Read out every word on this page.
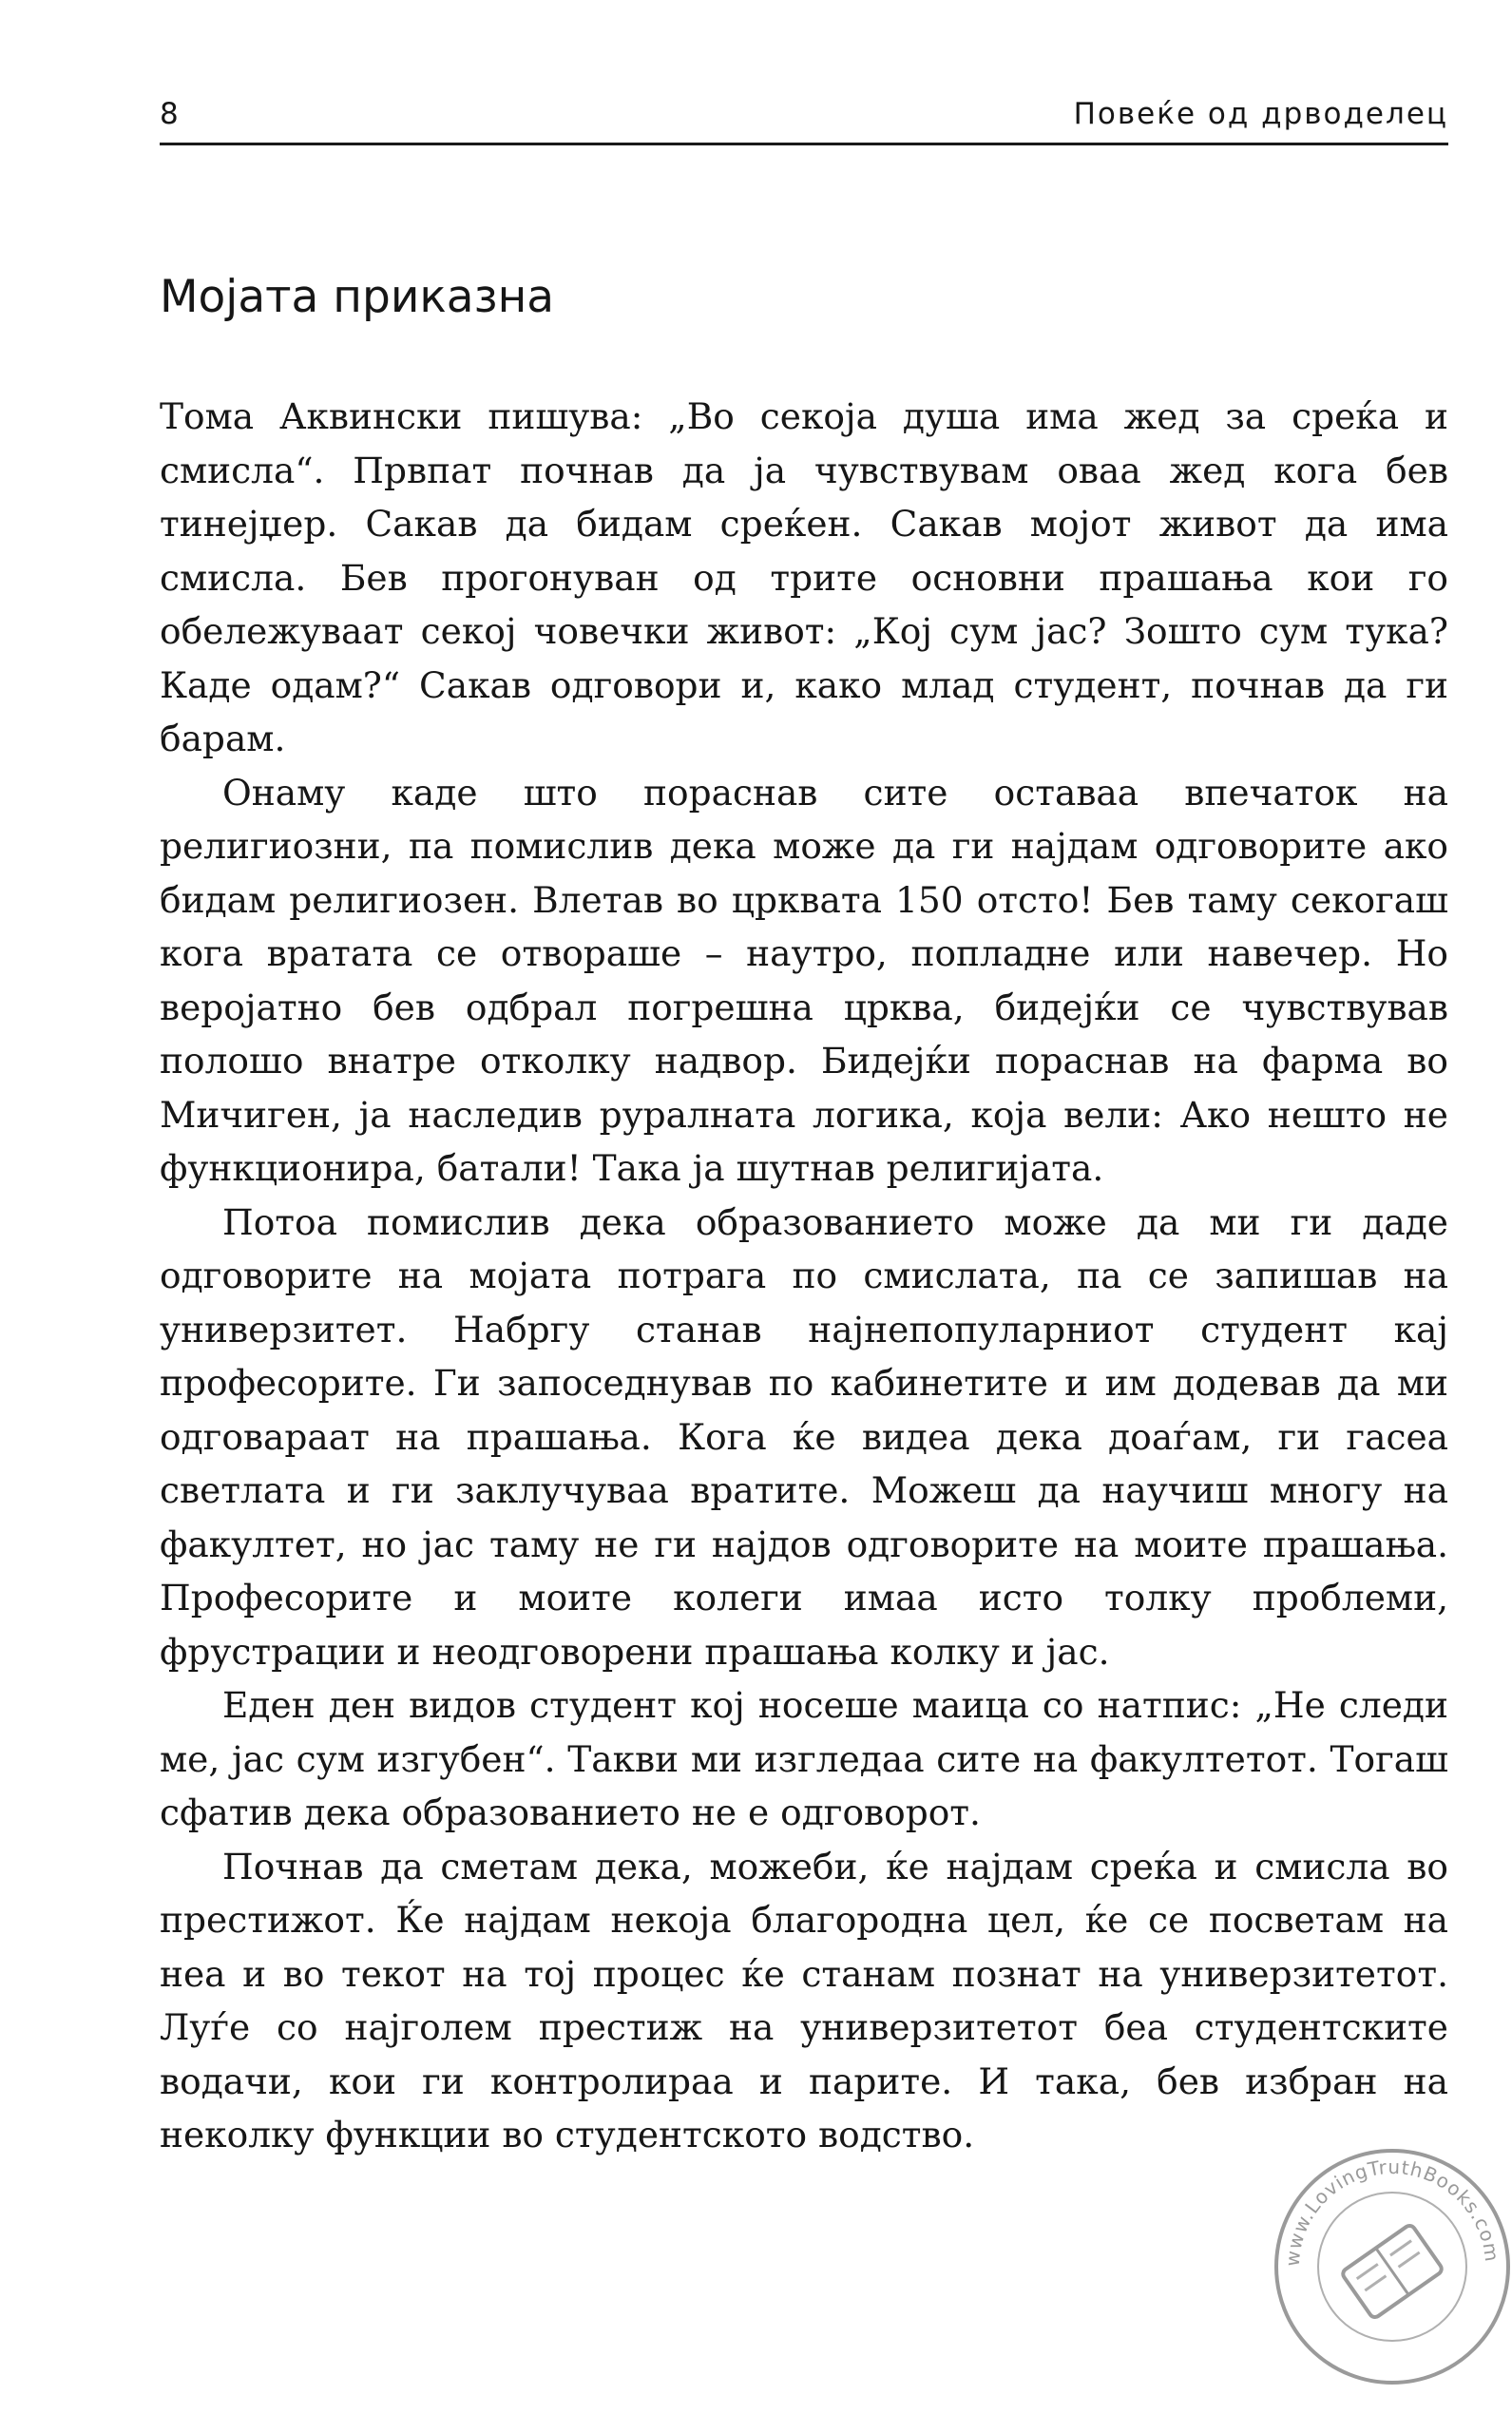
8	Повеќе од дрводелец
Мојата приказна

Тома Аквински пишува: „Во секоја душа има жед за среќа и смисла“. Првпат почнав да ја чувствувам оваа жед кога бев тинејџер. Сакав да бидам среќен. Сакав мојот живот да има смисла. Бев прогонуван од трите основни прашања кои го обележуваат секој човечки живот: „Кој сум јас? Зошто сум тука? Каде одам?“ Сакав одговори и, како млад студент, почнав да ги барам.

Онаму каде што пораснав сите оставаа впечаток на религиозни, па помислив дека може да ги најдам одговорите ако бидам религиозен. Влетав во црквата 150 отсто! Бев таму секогаш кога вратата се отвораше – наутро, попладне или навечер. Но веројатно бев одбрал погрешна црква, бидејќи се чувствував полошо внатре отколку надвор. Бидејќи пораснав на фарма во Мичиген, ја наследив руралната логика, која вели: Ако нешто не функционира, батали! Така ја шутнав религијата.

Потоа помислив дека образованието може да ми ги даде одговорите на мојата потрага по смислата, па се запишав на универзитет. Набргу станав најнепопуларниот студент кај професорите. Ги запоседнував по кабинетите и им додевав да ми одговараат на прашања. Кога ќе видеа дека доаѓам, ги гасеа светлата и ги заклучуваа вратите. Можеш да научиш многу на факултет, но јас таму не ги најдов одговорите на моите прашања. Професорите и моите колеги имаа исто толку проблеми, фрустрации и неодговорени прашања колку и јас.

Еден ден видов студент кој носеше маица со натпис: „Не следи ме, јас сум изгубен“. Такви ми изгледаа сите на факултетот. Тогаш сфатив дека образованието не е одговорот.

Почнав да сметам дека, можеби, ќе најдам среќа и смисла во престижот. Ќе најдам некоја благородна цел, ќе се посветам на неа и во текот на тој процес ќе станам познат на универзитетот. Луѓе со најголем престиж на универзитетот беа студентските водачи, кои ги контролираа и парите. И така, бев избран на неколку функции во студентското водство.

www.LovingTruthBooks.com
